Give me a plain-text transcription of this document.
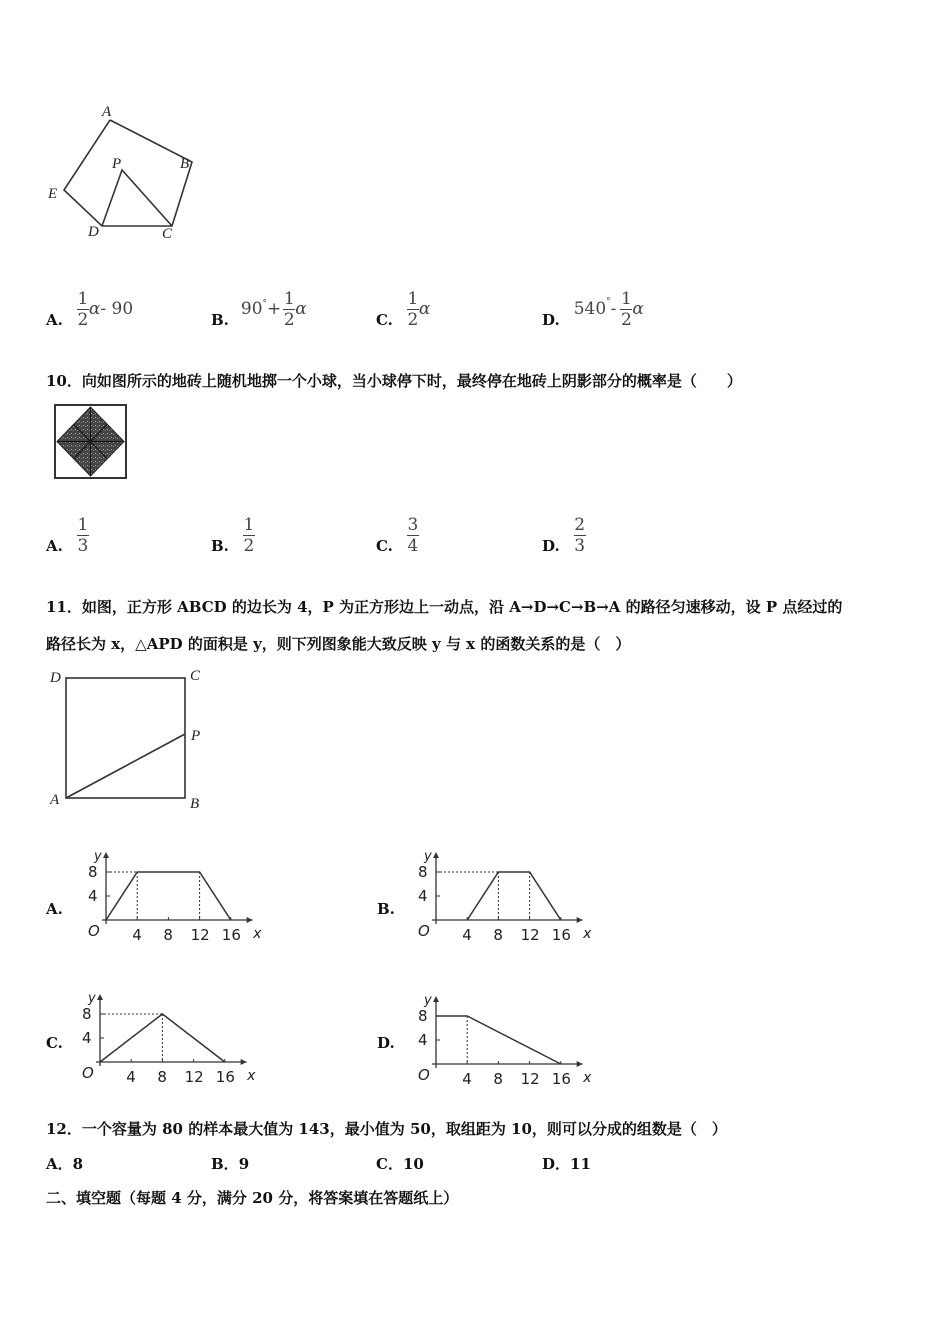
A
B
E
P
D	C
A. $\frac{1}{2}$ α - 90
B.
90 ° + $\frac{1}{2}$ α
C. $\frac{1}{2}$ α
D.
540 ° - $\frac{1}{2}$ α
10．向如图所示的地砖上随机地掷一个小球，当小球停下时，最终停在地砖上阴影部分的概率是（　　）
A. $\frac{1}{3}$	B. $\frac{1}{2}$	C. $\frac{3}{4}$	D. $\frac{2}{3}$
11．如图，正方形 ABCD 的边长为 4，P 为正方形边上一动点，沿 A→D→C→B→A 的路径匀速移动，设 P 点经过的
路径长为 x，△APD 的面积是 y，则下列图象能大致反映 y 与 x 的函数关系的是（　）
D	C
P
A	B
A.
y
x
O
8
4
4 8 12 16
B.
y
x
O
8
4
4 8 12 16
C.
y
x
O
8
4
4 8 12 16
D.
y
x
O
8
4
4 8 12 16
12．一个容量为 80 的样本最大值为 143，最小值为 50，取组距为 10，则可以分成的组数是（　）
A．8	B．9	C．10	D．11
二、填空题（每题 4 分，满分 20 分，将答案填在答题纸上）
